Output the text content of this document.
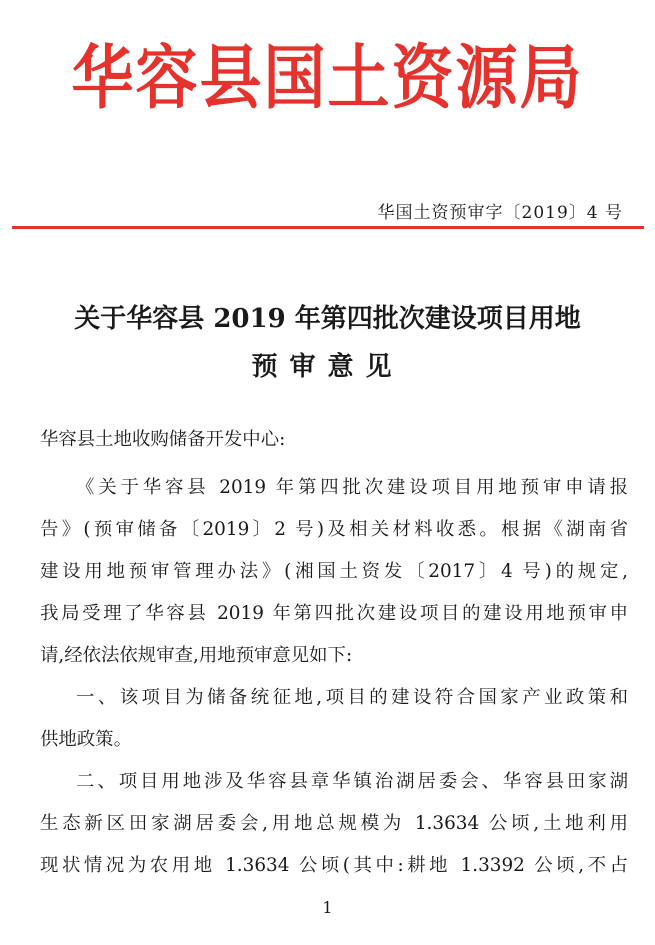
华容县国土资源局
华国土资预审字〔2019〕4 号
关于华容县 2019 年第四批次建设项目用地
预审意见
华容县土地收购储备开发中心:
《关于华容县 2019 年第四批次建设项目用地预审申请报
告》(预审储备〔2019〕2 号)及相关材料收悉。根据《湖南省
建设用地预审管理办法》(湘国土资发〔2017〕4 号)的规定,
我局受理了华容县 2019 年第四批次建设项目的建设用地预审申
请,经依法依规审查,用地预审意见如下:
一、该项目为储备统征地,项目的建设符合国家产业政策和
供地政策。
二、项目用地涉及华容县章华镇治湖居委会、华容县田家湖
生态新区田家湖居委会,用地总规模为 1.3634 公顷,土地利用
现状情况为农用地 1.3634 公顷(其中:耕地 1.3392 公顷,不占
1
